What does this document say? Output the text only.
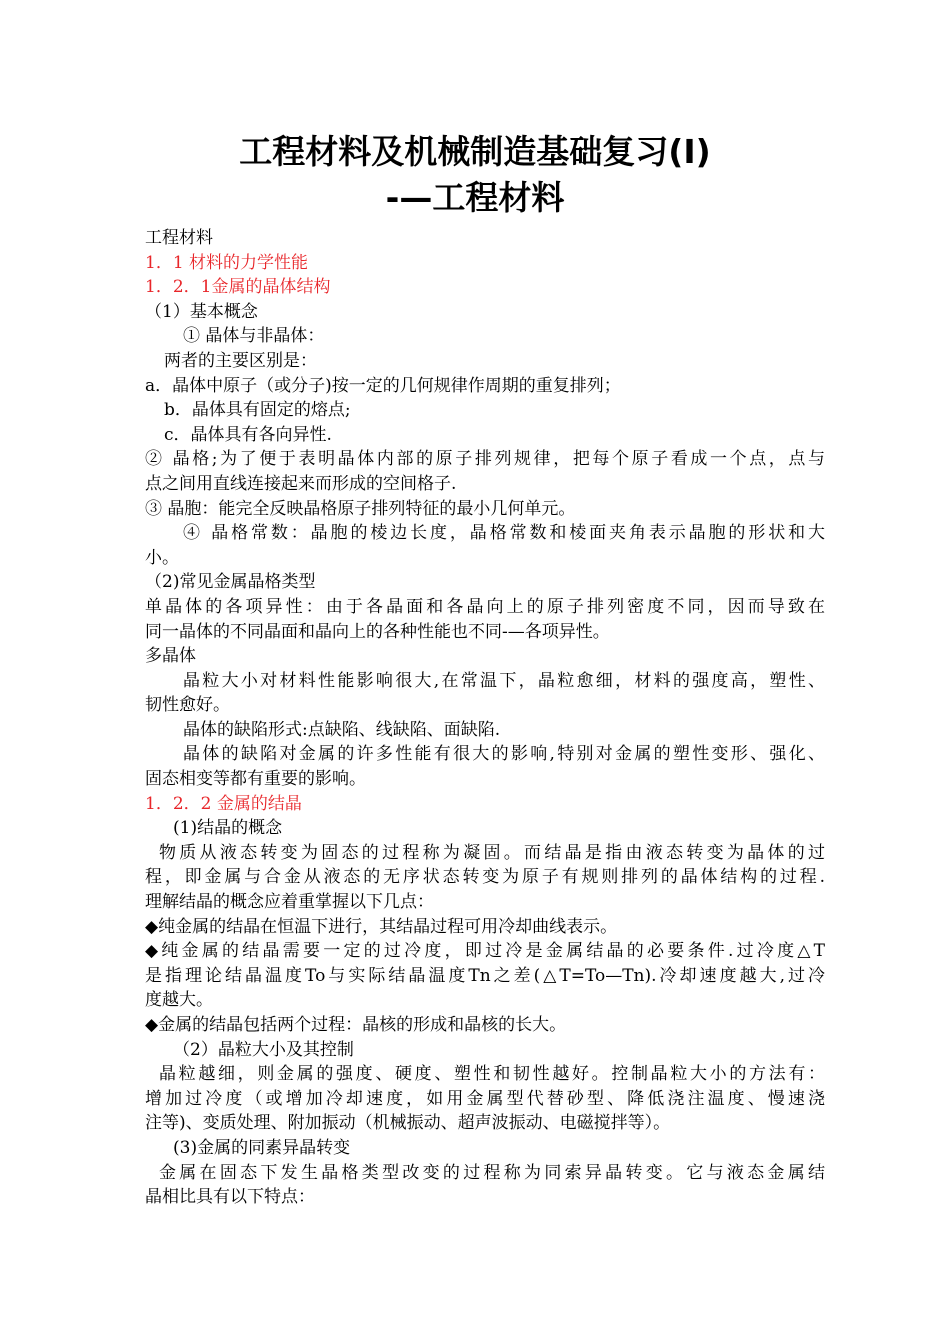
工程材料及机械制造基础复习(Ⅰ)
-—工程材料
工程材料
1．1 材料的力学性能
1．2．1金属的晶体结构
（1）基本概念
① 晶体与非晶体：
两者的主要区别是：
a．晶体中原子（或分子)按一定的几何规律作周期的重复排列；
b．晶体具有固定的熔点;
c．晶体具有各向异性.
② 晶格;为了便于表明晶体内部的原子排列规律，把每个原子看成一个点，点与
点之间用直线连接起来而形成的空间格子.
③ 晶胞：能完全反映晶格原子排列特征的最小几何单元。
④ 晶格常数：晶胞的棱边长度，晶格常数和棱面夹角表示晶胞的形状和大
小。
（2)常见金属晶格类型
单晶体的各项异性：由于各晶面和各晶向上的原子排列密度不同，因而导致在
同一晶体的不同晶面和晶向上的各种性能也不同-—各项异性。
多晶体
晶粒大小对材料性能影响很大,在常温下，晶粒愈细，材料的强度高，塑性、
韧性愈好。
晶体的缺陷形式:点缺陷、线缺陷、面缺陷.
晶体的缺陷对金属的许多性能有很大的影响,特别对金属的塑性变形、强化、
固态相变等都有重要的影响。
1．2．2 金属的结晶
(1)结晶的概念
物质从液态转变为固态的过程称为凝固。而结晶是指由液态转变为晶体的过
程，即金属与合金从液态的无序状态转变为原子有规则排列的晶体结构的过程.
理解结晶的概念应着重掌握以下几点：
◆纯金属的结晶在恒温下进行，其结晶过程可用冷却曲线表示。
◆纯金属的结晶需要一定的过冷度，即过冷是金属结晶的必要条件.过冷度△T
是指理论结晶温度To与实际结晶温度Tn之差(△T=To—Tn).冷却速度越大,过冷
度越大。
◆金属的结晶包括两个过程：晶核的形成和晶核的长大。
（2）晶粒大小及其控制
晶粒越细，则金属的强度、硬度、塑性和韧性越好。控制晶粒大小的方法有：
增加过冷度（或增加冷却速度，如用金属型代替砂型、降低浇注温度、慢速浇
注等)、变质处理、附加振动（机械振动、超声波振动、电磁搅拌等）。
(3)金属的同素异晶转变
金属在固态下发生晶格类型改变的过程称为同索异晶转变。它与液态金属结
晶相比具有以下特点：
